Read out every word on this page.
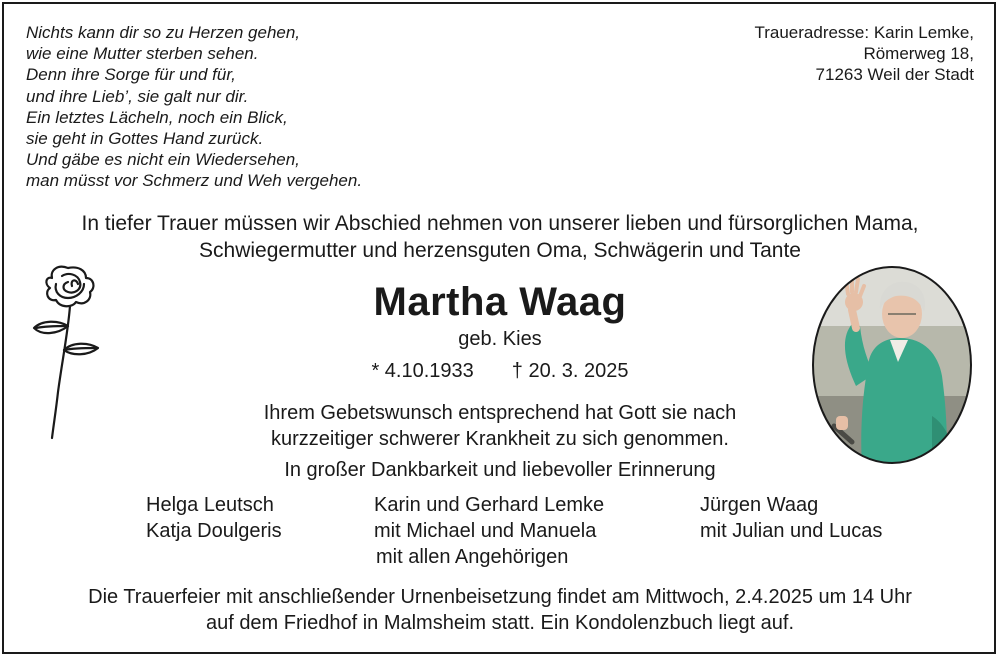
Nichts kann dir so zu Herzen gehen,
wie eine Mutter sterben sehen.
Denn ihre Sorge für und für,
und ihre Lieb’, sie galt nur dir.
Ein letztes Lächeln, noch ein Blick,
sie geht in Gottes Hand zurück.
Und gäbe es nicht ein Wiedersehen,
man müsst vor Schmerz und Weh vergehen.
Traueradresse: Karin Lemke,
Römerweg 18,
71263 Weil der Stadt
In tiefer Trauer müssen wir Abschied nehmen von unserer lieben und fürsorglichen Mama,
Schwiegermutter und herzensguten Oma, Schwägerin und Tante
Martha Waag
geb. Kies
* 4.10.1933 † 20. 3. 2025
Ihrem Gebetswunsch entsprechend hat Gott sie nach
kurzzeitiger schwerer Krankheit zu sich genommen.
In großer Dankbarkeit und liebevoller Erinnerung
Helga Leutsch
Katja Doulgeris
Karin und Gerhard Lemke
mit Michael und Manuela
mit allen Angehörigen
Jürgen Waag
mit Julian und Lucas
Die Trauerfeier mit anschließender Urnenbeisetzung findet am Mittwoch, 2.4.2025 um 14 Uhr
auf dem Friedhof in Malmsheim statt. Ein Kondolenzbuch liegt auf.
